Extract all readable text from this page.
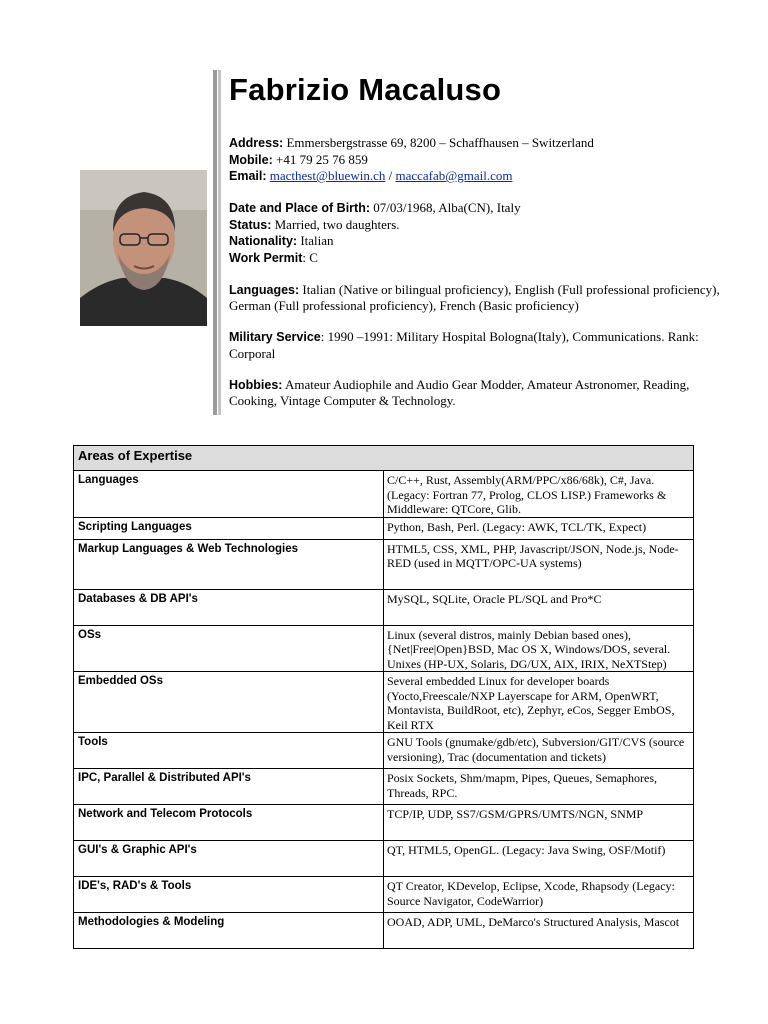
Fabrizio Macaluso
Address: Emmersbergstrasse 69, 8200 – Schaffhausen – Switzerland
Mobile: +41 79 25 76 859
Email: macthest@bluewin.ch / maccafab@gmail.com
Date and Place of Birth: 07/03/1968, Alba(CN), Italy
Status: Married, two daughters.
Nationality: Italian
Work Permit: C
Languages: Italian (Native or bilingual proficiency), English (Full professional proficiency), German (Full professional proficiency), French (Basic proficiency)
Military Service: 1990 –1991: Military Hospital Bologna(Italy), Communications. Rank: Corporal
Hobbies: Amateur Audiophile and Audio Gear Modder, Amateur Astronomer, Reading, Cooking, Vintage Computer & Technology.
Areas of Expertise	
Languages	C/C++, Rust, Assembly(ARM/PPC/x86/68k), C#, Java. (Legacy: Fortran 77, Prolog, CLOS LISP.) Frameworks & Middleware: QTCore, Glib.
Scripting Languages	Python, Bash, Perl. (Legacy: AWK, TCL/TK, Expect)
Markup Languages & Web Technologies	HTML5, CSS, XML, PHP, Javascript/JSON, Node.js, Node-RED (used in MQTT/OPC-UA systems)
Databases & DB API's	MySQL, SQLite, Oracle PL/SQL and Pro*C
OSs	Linux (several distros, mainly Debian based ones), {Net|Free|Open}BSD, Mac OS X, Windows/DOS, several. Unixes (HP-UX, Solaris, DG/UX, AIX, IRIX, NeXTStep)
Embedded OSs	Several embedded Linux for developer boards (Yocto,Freescale/NXP Layerscape for ARM, OpenWRT, Montavista, BuildRoot, etc), Zephyr, eCos, Segger EmbOS, Keil RTX
Tools	GNU Tools (gnumake/gdb/etc), Subversion/GIT/CVS (source versioning), Trac (documentation and tickets)
IPC, Parallel & Distributed API's	Posix Sockets, Shm/mapm, Pipes, Queues, Semaphores, Threads, RPC.
Network and Telecom Protocols	TCP/IP, UDP, SS7/GSM/GPRS/UMTS/NGN, SNMP
GUI's & Graphic API's	QT, HTML5, OpenGL. (Legacy: Java Swing, OSF/Motif)
IDE's, RAD's & Tools	QT Creator, KDevelop, Eclipse, Xcode, Rhapsody (Legacy: Source Navigator, CodeWarrior)
Methodologies & Modeling	OOAD, ADP, UML, DeMarco's Structured Analysis, Mascot
